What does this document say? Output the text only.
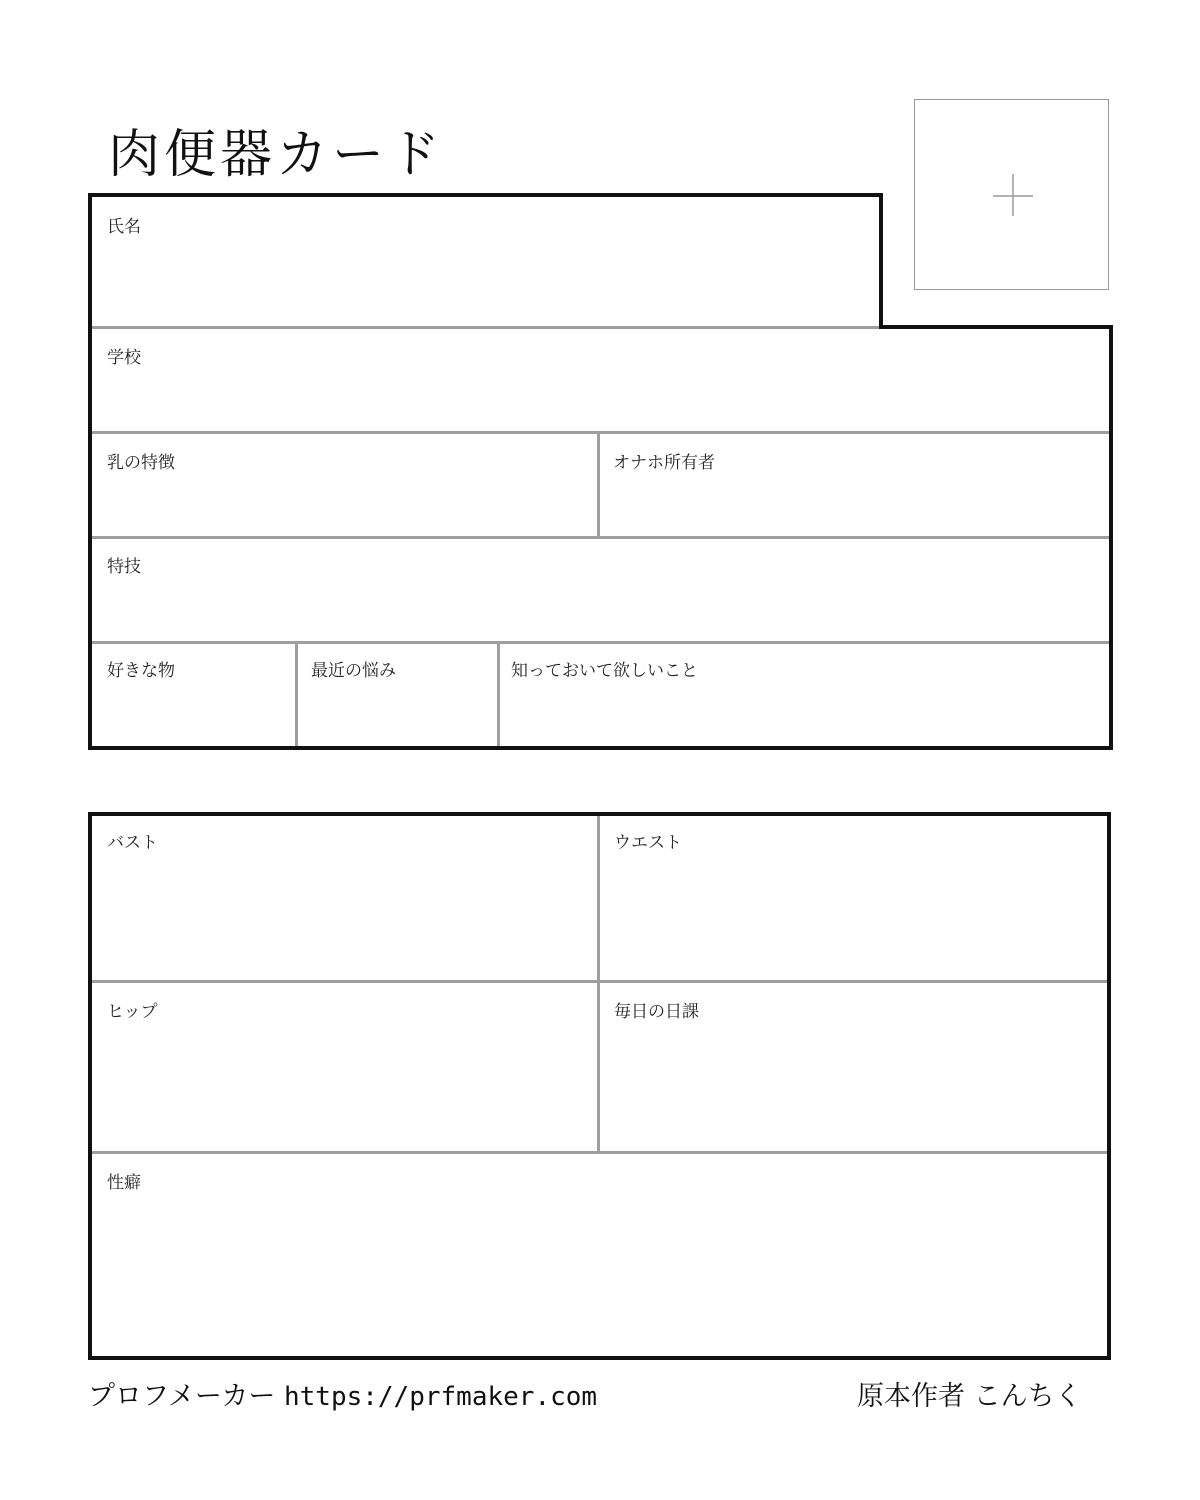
肉便器カード
氏名
学校
乳の特徴	オナホ所有者
特技
好きな物	最近の悩み	知っておいて欲しいこと
バスト	ウエスト
ヒップ	毎日の日課
性癖
プロフメーカー https://prfmaker.com	原本作者 こんちく
